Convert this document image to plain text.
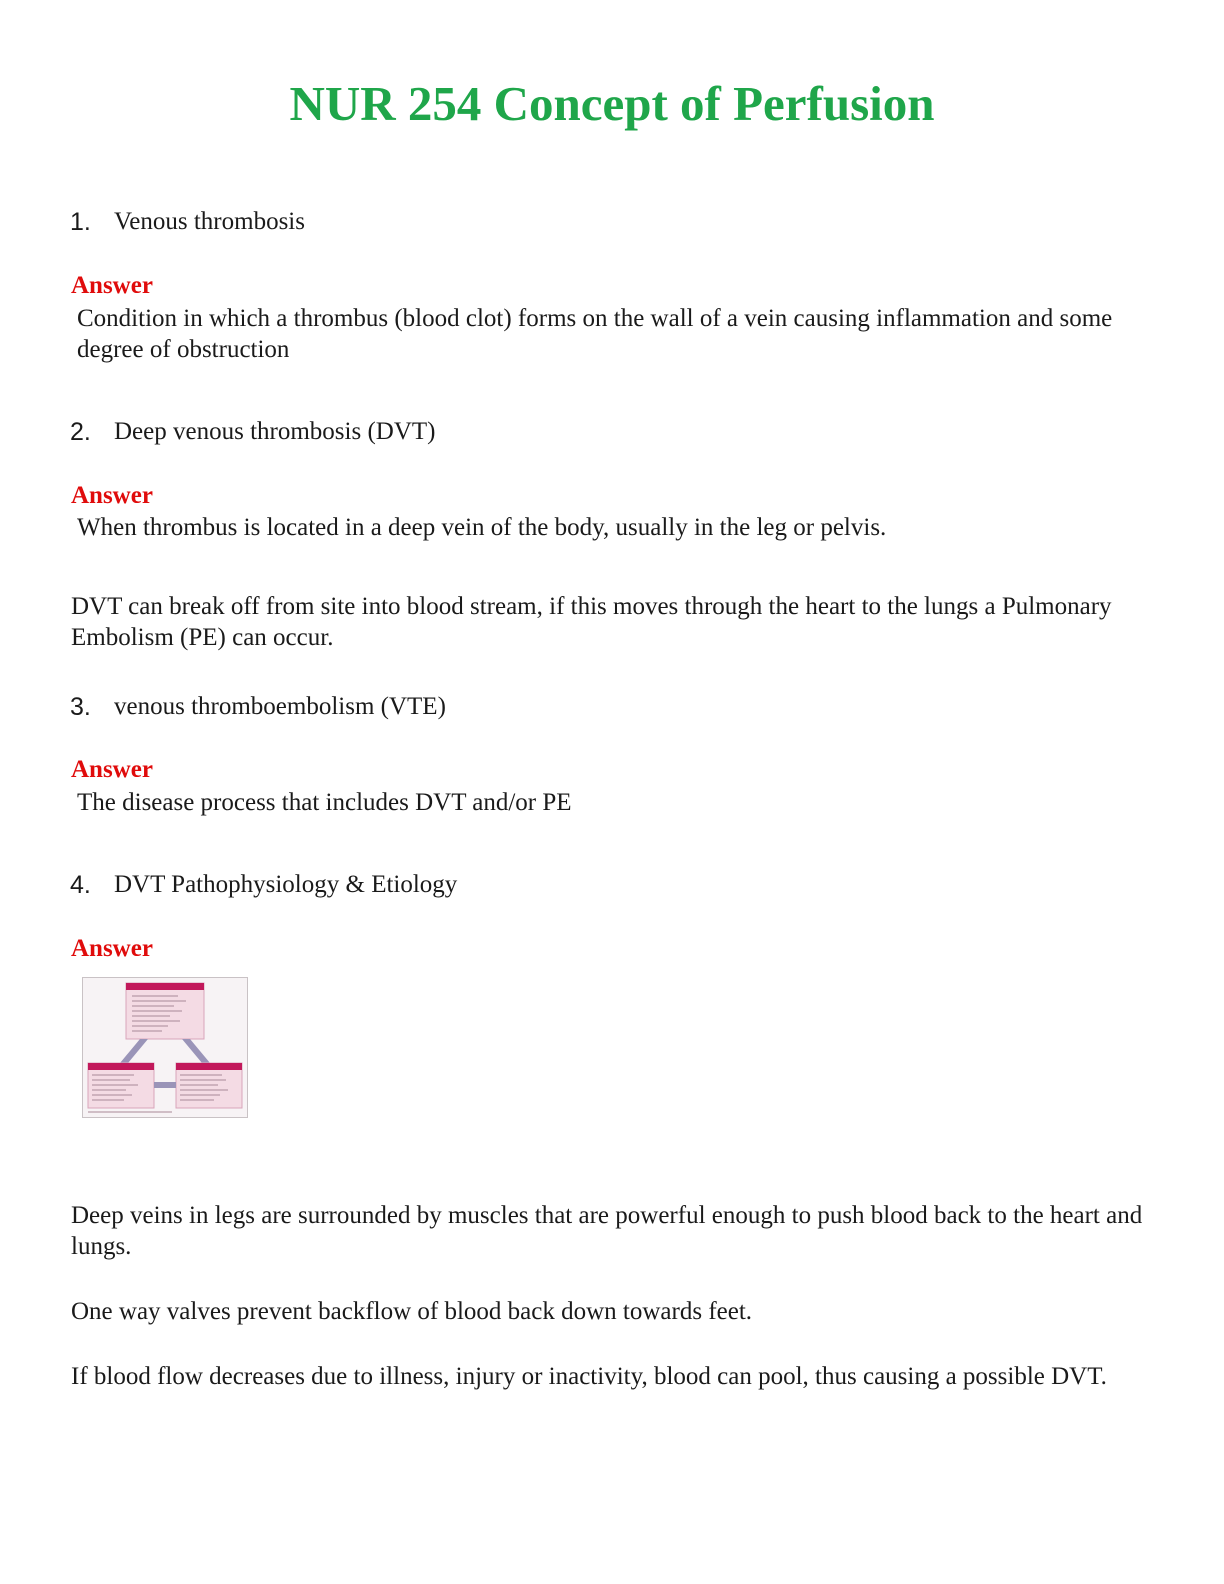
NUR 254 Concept of Perfusion
1. Venous thrombosis
Answer
Condition in which a thrombus (blood clot) forms on the wall of a vein causing inflammation and some degree of obstruction
2. Deep venous thrombosis (DVT)
Answer
When thrombus is located in a deep vein of the body, usually in the leg or pelvis.
DVT can break off from site into blood stream, if this moves through the heart to the lungs a Pulmonary Embolism (PE) can occur.
3. venous thromboembolism (VTE)
Answer
The disease process that includes DVT and/or PE
4. DVT Pathophysiology & Etiology
Answer
Deep veins in legs are surrounded by muscles that are powerful enough to push blood back to the heart and lungs.
One way valves prevent backflow of blood back down towards feet.
If blood flow decreases due to illness, injury or inactivity, blood can pool, thus causing a possible DVT.
